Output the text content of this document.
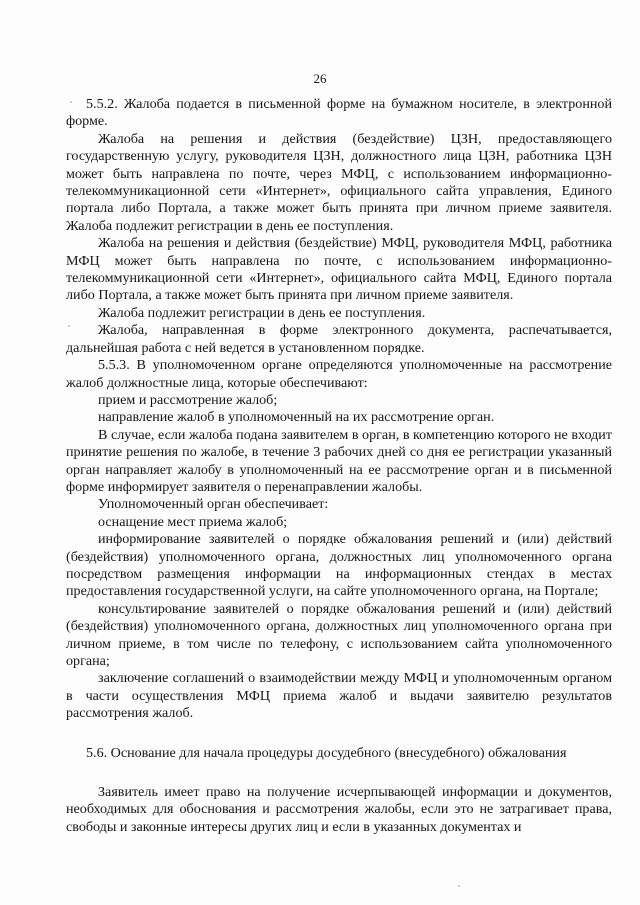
26

5.5.2. Жалоба подается в письменной форме на бумажном носителе, в электронной форме.

Жалоба на решения и действия (бездействие) ЦЗН, предоставляющего государственную услугу, руководителя ЦЗН, должностного лица ЦЗН, работника ЦЗН может быть направлена по почте, через МФЦ, с использованием информационно-телекоммуникационной сети «Интернет», официального сайта управления, Единого портала либо Портала, а также может быть принята при личном приеме заявителя. Жалоба подлежит регистрации в день ее поступления.

Жалоба на решения и действия (бездействие) МФЦ, руководителя МФЦ, работника МФЦ может быть направлена по почте, с использованием информационно-телекоммуникационной сети «Интернет», официального сайта МФЦ, Единого портала либо Портала, а также может быть принята при личном приеме заявителя.

Жалоба подлежит регистрации в день ее поступления.

Жалоба, направленная в форме электронного документа, распечатывается, дальнейшая работа с ней ведется в установленном порядке.

5.5.3. В уполномоченном органе определяются уполномоченные на рассмотрение жалоб должностные лица, которые обеспечивают:

прием и рассмотрение жалоб;

направление жалоб в уполномоченный на их рассмотрение орган.

В случае, если жалоба подана заявителем в орган, в компетенцию которого не входит принятие решения по жалобе, в течение 3 рабочих дней со дня ее регистрации указанный орган направляет жалобу в уполномоченный на ее рассмотрение орган и в письменной форме информирует заявителя о перенаправлении жалобы.

Уполномоченный орган обеспечивает:

оснащение мест приема жалоб;

информирование заявителей о порядке обжалования решений и (или) действий (бездействия) уполномоченного органа, должностных лиц уполномоченного органа посредством размещения информации на информационных стендах в местах предоставления государственной услуги, на сайте уполномоченного органа, на Портале;

консультирование заявителей о порядке обжалования решений и (или) действий (бездействия) уполномоченного органа, должностных лиц уполномоченного органа при личном приеме, в том числе по телефону, с использованием сайта уполномоченного органа;

заключение соглашений о взаимодействии между МФЦ и уполномоченным органом в части осуществления МФЦ приема жалоб и выдачи заявителю результатов рассмотрения жалоб.

5.6. Основание для начала процедуры досудебного (внесудебного) обжалования

Заявитель имеет право на получение исчерпывающей информации и документов, необходимых для обоснования и рассмотрения жалобы, если это не затрагивает права, свободы и законные интересы других лиц и если в указанных документах и
